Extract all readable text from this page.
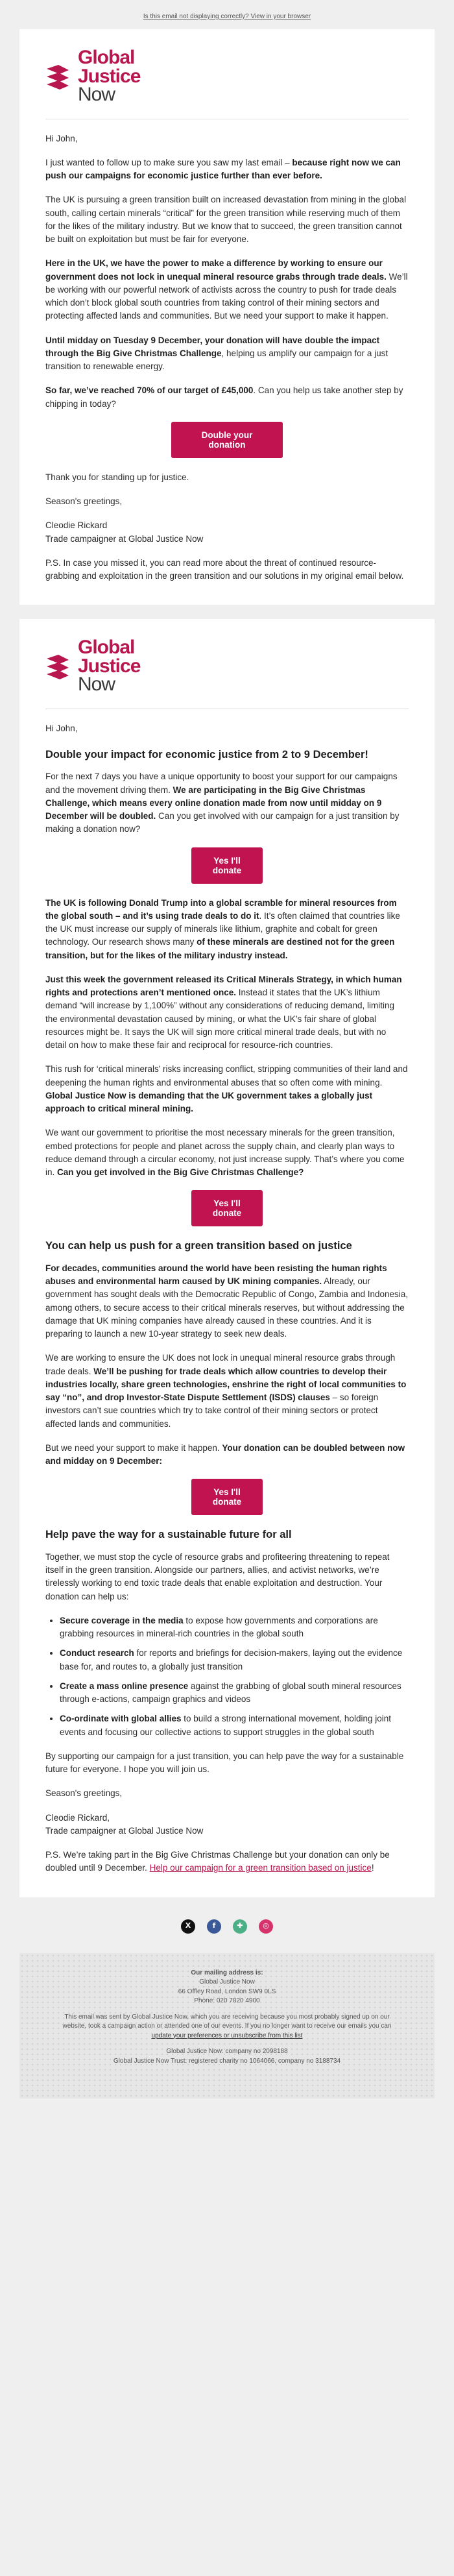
Is this email not displaying correctly? View in your browser
Global
Justice
Now

Hi John,

I just wanted to follow up to make sure you saw my last email – because right now we can push our campaigns for economic justice further than ever before.

The UK is pursuing a green transition built on increased devastation from mining in the global south, calling certain minerals “critical” for the green transition while reserving much of them for the likes of the military industry. But we know that to succeed, the green transition cannot be built on exploitation but must be fair for everyone.

Here in the UK, we have the power to make a difference by working to ensure our government does not lock in unequal mineral resource grabs through trade deals. We’ll be working with our powerful network of activists across the country to push for trade deals which don’t block global south countries from taking control of their mining sectors and protecting affected lands and communities. But we need your support to make it happen.

Until midday on Tuesday 9 December, your donation will have double the impact through the Big Give Christmas Challenge, helping us amplify our campaign for a just transition to renewable energy.

So far, we’ve reached 70% of our target of £45,000. Can you help us take another step by chipping in today?

Double your donation

Thank you for standing up for justice.

Season's greetings,

Cleodie Rickard
Trade campaigner at Global Justice Now

P.S. In case you missed it, you can read more about the threat of continued resource-grabbing and exploitation in the green transition and our solutions in my original email below.

Global
Justice
Now

Hi John,

Double your impact for economic justice from 2 to 9 December!

For the next 7 days you have a unique opportunity to boost your support for our campaigns and the movement driving them. We are participating in the Big Give Christmas Challenge, which means every online donation made from now until midday on 9 December will be doubled. Can you get involved with our campaign for a just transition by making a donation now?

Yes I'll donate

The UK is following Donald Trump into a global scramble for mineral resources from the global south – and it’s using trade deals to do it. It’s often claimed that countries like the UK must increase our supply of minerals like lithium, graphite and cobalt for green technology. Our research shows many of these minerals are destined not for the green transition, but for the likes of the military industry instead.

Just this week the government released its Critical Minerals Strategy, in which human rights and protections aren’t mentioned once. Instead it states that the UK’s lithium demand “will increase by 1,100%” without any considerations of reducing demand, limiting the environmental devastation caused by mining, or what the UK’s fair share of global resources might be. It says the UK will sign more critical mineral trade deals, but with no detail on how to make these fair and reciprocal for resource-rich countries.

This rush for ‘critical minerals’ risks increasing conflict, stripping communities of their land and deepening the human rights and environmental abuses that so often come with mining. Global Justice Now is demanding that the UK government takes a globally just approach to critical mineral mining.

We want our government to prioritise the most necessary minerals for the green transition, embed protections for people and planet across the supply chain, and clearly plan ways to reduce demand through a circular economy, not just increase supply. That’s where you come in. Can you get involved in the Big Give Christmas Challenge?

Yes I'll donate
You can help us push for a green transition based on justice

For decades, communities around the world have been resisting the human rights abuses and environmental harm caused by UK mining companies. Already, our government has sought deals with the Democratic Republic of Congo, Zambia and Indonesia, among others, to secure access to their critical minerals reserves, but without addressing the damage that UK mining companies have already caused in these countries. And it is preparing to launch a new 10-year strategy to seek new deals.

We are working to ensure the UK does not lock in unequal mineral resource grabs through trade deals. We’ll be pushing for trade deals which allow countries to develop their industries locally, share green technologies, enshrine the right of local communities to say “no”, and drop Investor-State Dispute Settlement (ISDS) clauses – so foreign investors can’t sue countries which try to take control of their mining sectors or protect affected lands and communities.

But we need your support to make it happen. Your donation can be doubled between now and midday on 9 December:

Yes I'll donate
Help pave the way for a sustainable future for all

Together, we must stop the cycle of resource grabs and profiteering threatening to repeat itself in the green transition. Alongside our partners, allies, and activist networks, we’re tirelessly working to end toxic trade deals that enable exploitation and destruction. Your donation can help us:

• Secure coverage in the media to expose how governments and corporations are grabbing resources in mineral-rich countries in the global south
• Conduct research for reports and briefings for decision-makers, laying out the evidence base for, and routes to, a globally just transition
• Create a mass online presence against the grabbing of global south mineral resources through e-actions, campaign graphics and videos
• Co-ordinate with global allies to build a strong international movement, holding joint events and focusing our collective actions to support struggles in the global south

By supporting our campaign for a just transition, you can help pave the way for a sustainable future for everyone. I hope you will join us.

Season's greetings,

Cleodie Rickard,
Trade campaigner at Global Justice Now

P.S. We’re taking part in the Big Give Christmas Challenge but your donation can only be doubled until 9 December. Help our campaign for a green transition based on justice!

X	f	✚	◎

Our mailing address is:
Global Justice Now
66 Offley Road, London SW9 0LS
Phone: 020 7820 4900

This email was sent by Global Justice Now, which you are receiving because you most probably signed up on our website, took a campaign action or attended one of our events. If you no longer want to receive our emails you can
update your preferences or unsubscribe from this list

Global Justice Now: company no 2098188
Global Justice Now Trust: registered charity no 1064066, company no 3188734
